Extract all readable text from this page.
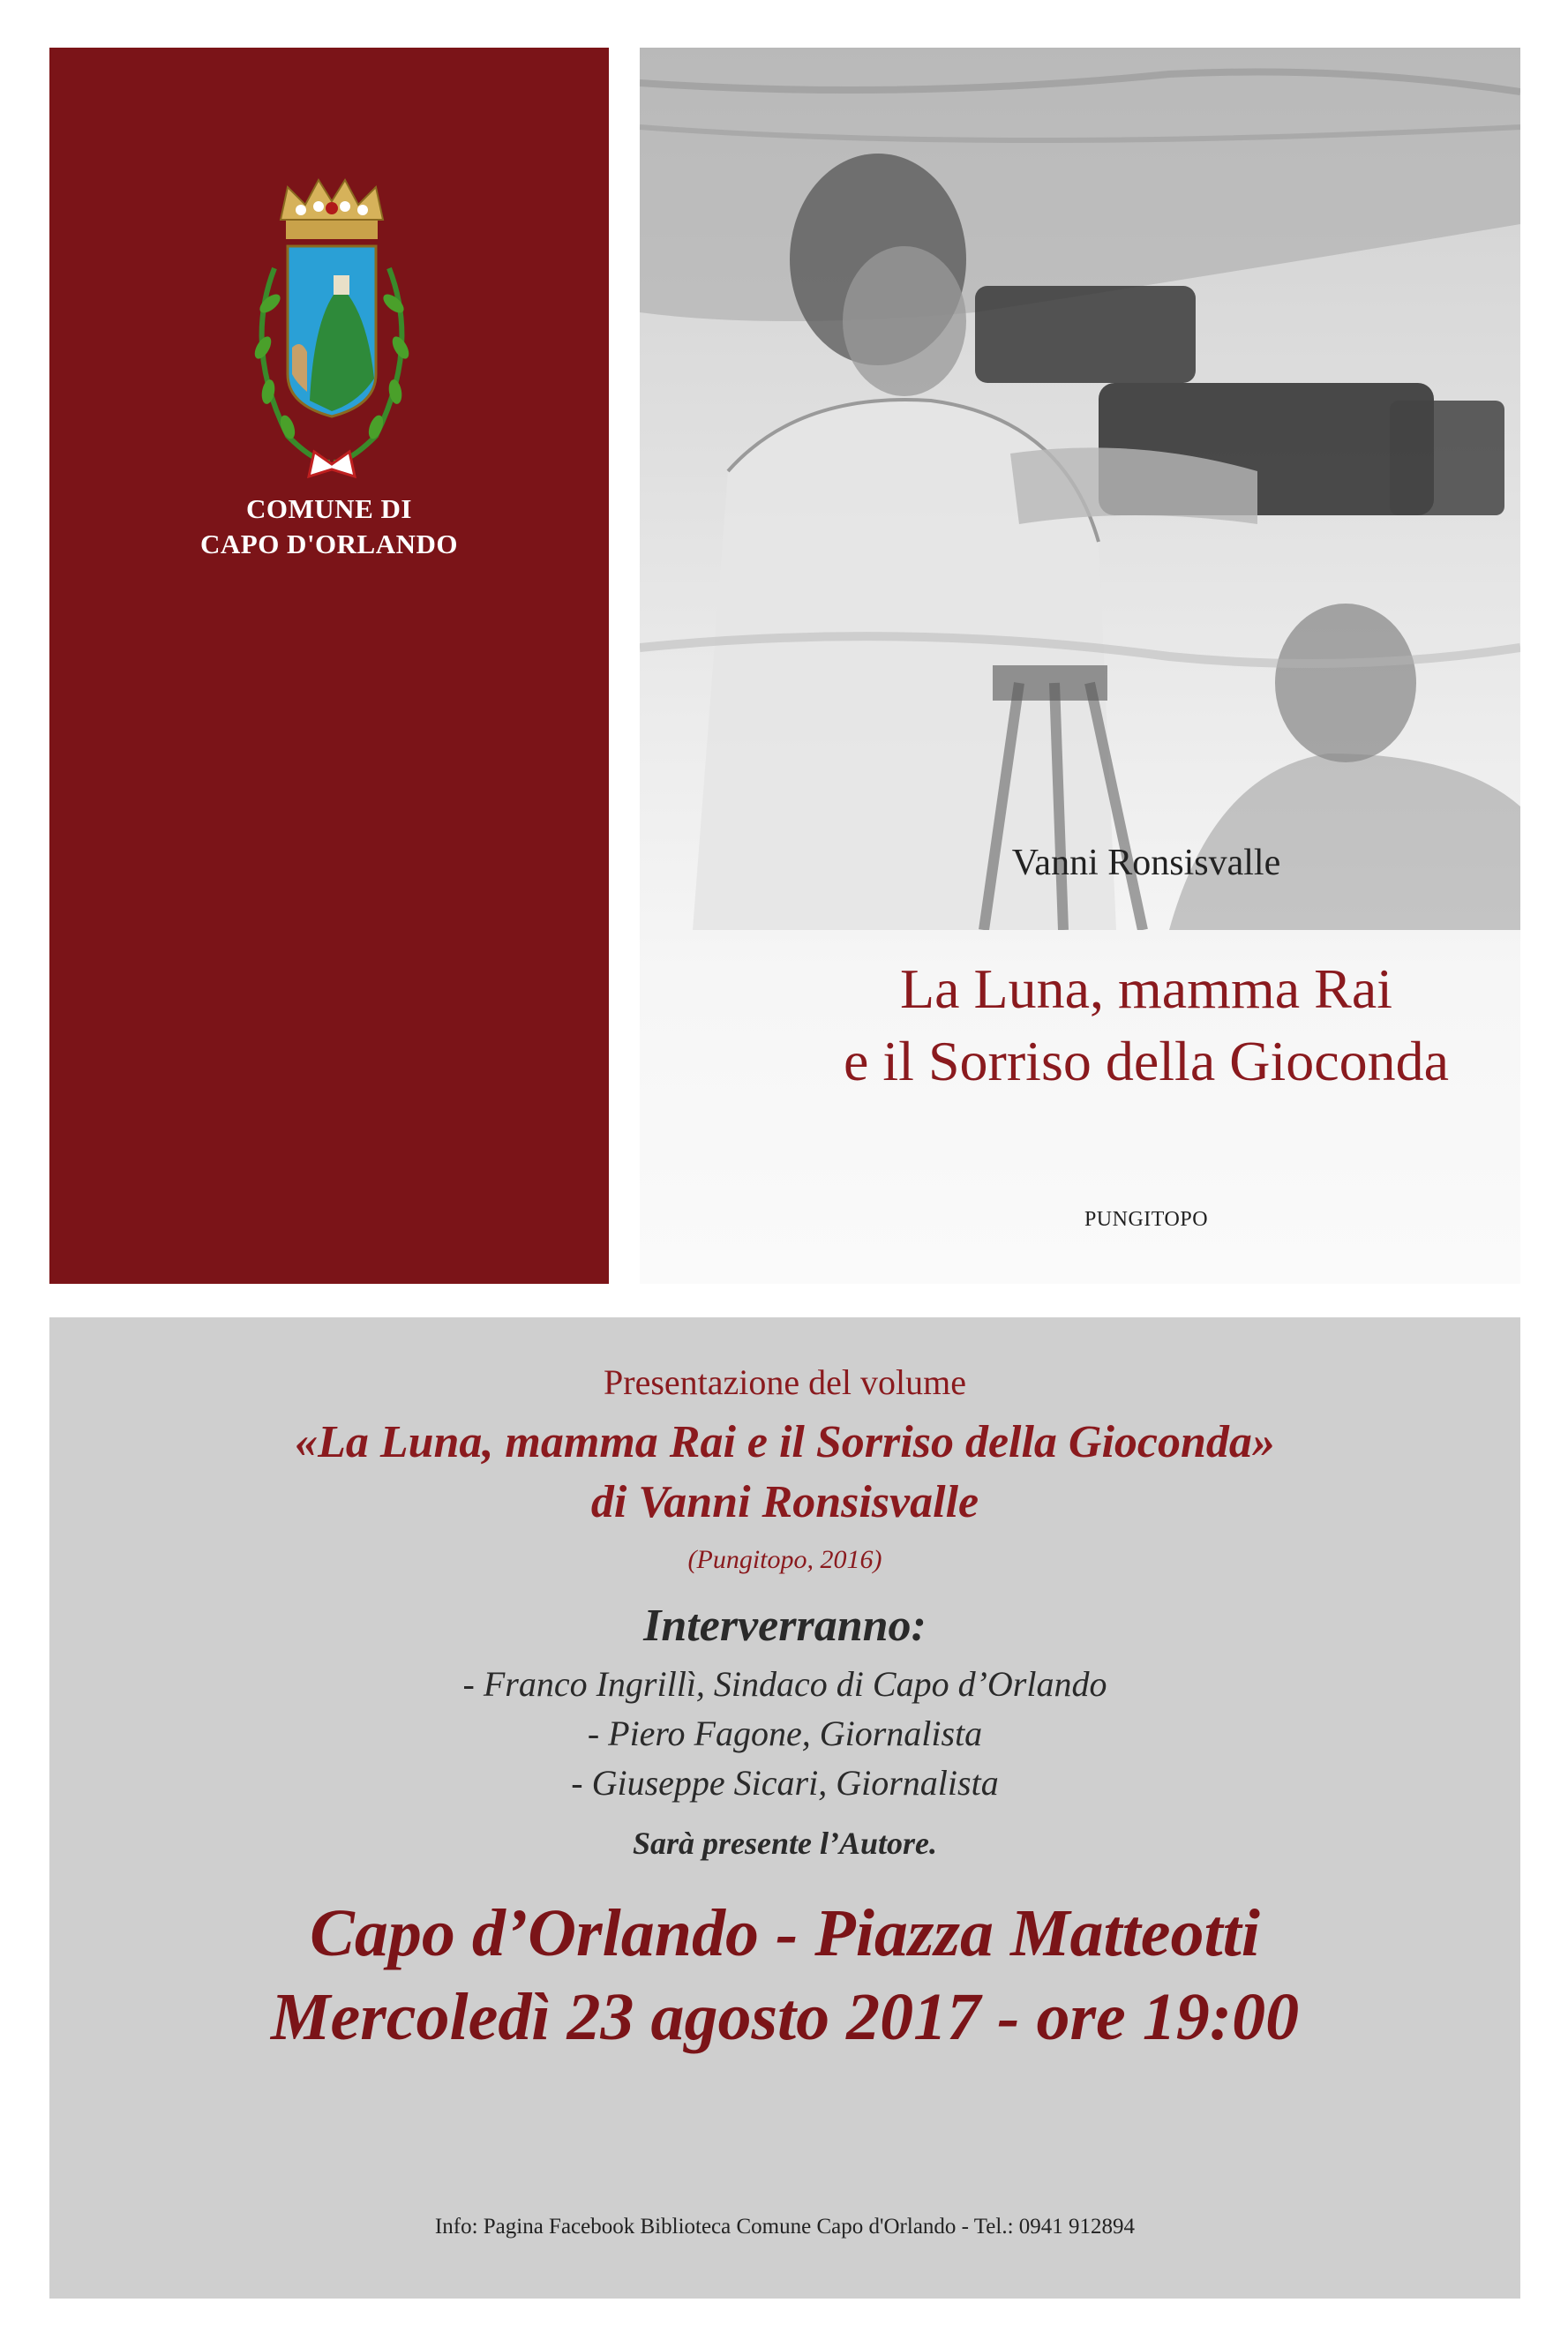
COMUNE DI
CAPO D'ORLANDO
Vanni Ronsisvalle
La Luna, mamma Rai
e il Sorriso della Gioconda
PUNGITOPO
Presentazione del volume
«La Luna, mamma Rai e il Sorriso della Gioconda»
di Vanni Ronsisvalle
(Pungitopo, 2016)
Interverranno:
- Franco Ingrillì, Sindaco di Capo d’Orlando
- Piero Fagone, Giornalista
- Giuseppe Sicari, Giornalista
Sarà presente l’Autore.
Capo d’Orlando - Piazza Matteotti
Mercoledì 23 agosto 2017 - ore 19:00
Info: Pagina Facebook Biblioteca Comune Capo d'Orlando - Tel.: 0941 912894
